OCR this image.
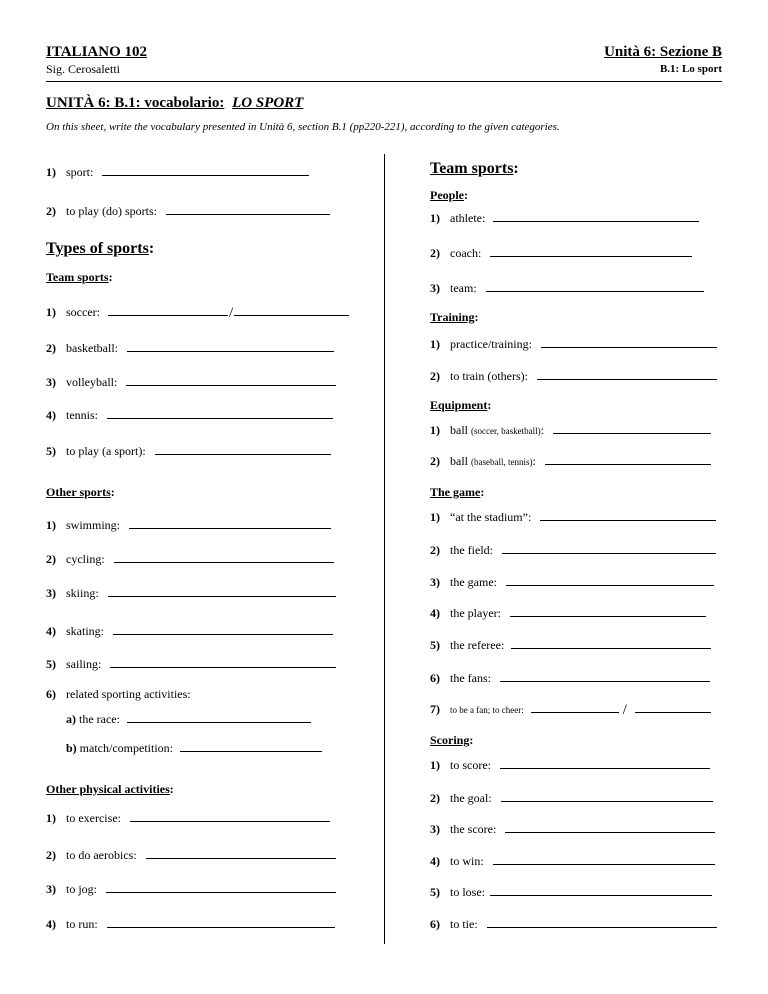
ITALIANO 102
Sig. Cerosaletti
Unità 6: Sezione B
B.1: Lo sport
UNITÀ 6: B.1: vocabolario: LO SPORT
On this sheet, write the vocabulary presented in Unità 6, section B.1 (pp220-221), according to the given categories.
1) sport:
2) to play (do) sports:
Types of sports:
Team sports:
1) soccer:	/
2) basketball:
3) volleyball:
4) tennis:
5) to play (a sport):
Other sports:
1) swimming:
2) cycling:
3) skiing:
4) skating:
5) sailing:
6) related sporting activities:
a) the race:
b) match/competition:
Other physical activities:
1) to exercise:
2) to do aerobics:
3) to jog:
4) to run:
Team sports:
People:
1) athlete:
2) coach:
3) team:
Training:
1) practice/training:
2) to train (others):
Equipment:
1) ball (soccer, basketball):
2) ball (baseball, tennis):
The game:
1) “at the stadium”:
2) the field:
3) the game:
4) the player:
5) the referee:
6) the fans:
7) to be a fan; to cheer:	/
Scoring:
1) to score:
2) the goal:
3) the score:
4) to win:
5) to lose:
6) to tie:
